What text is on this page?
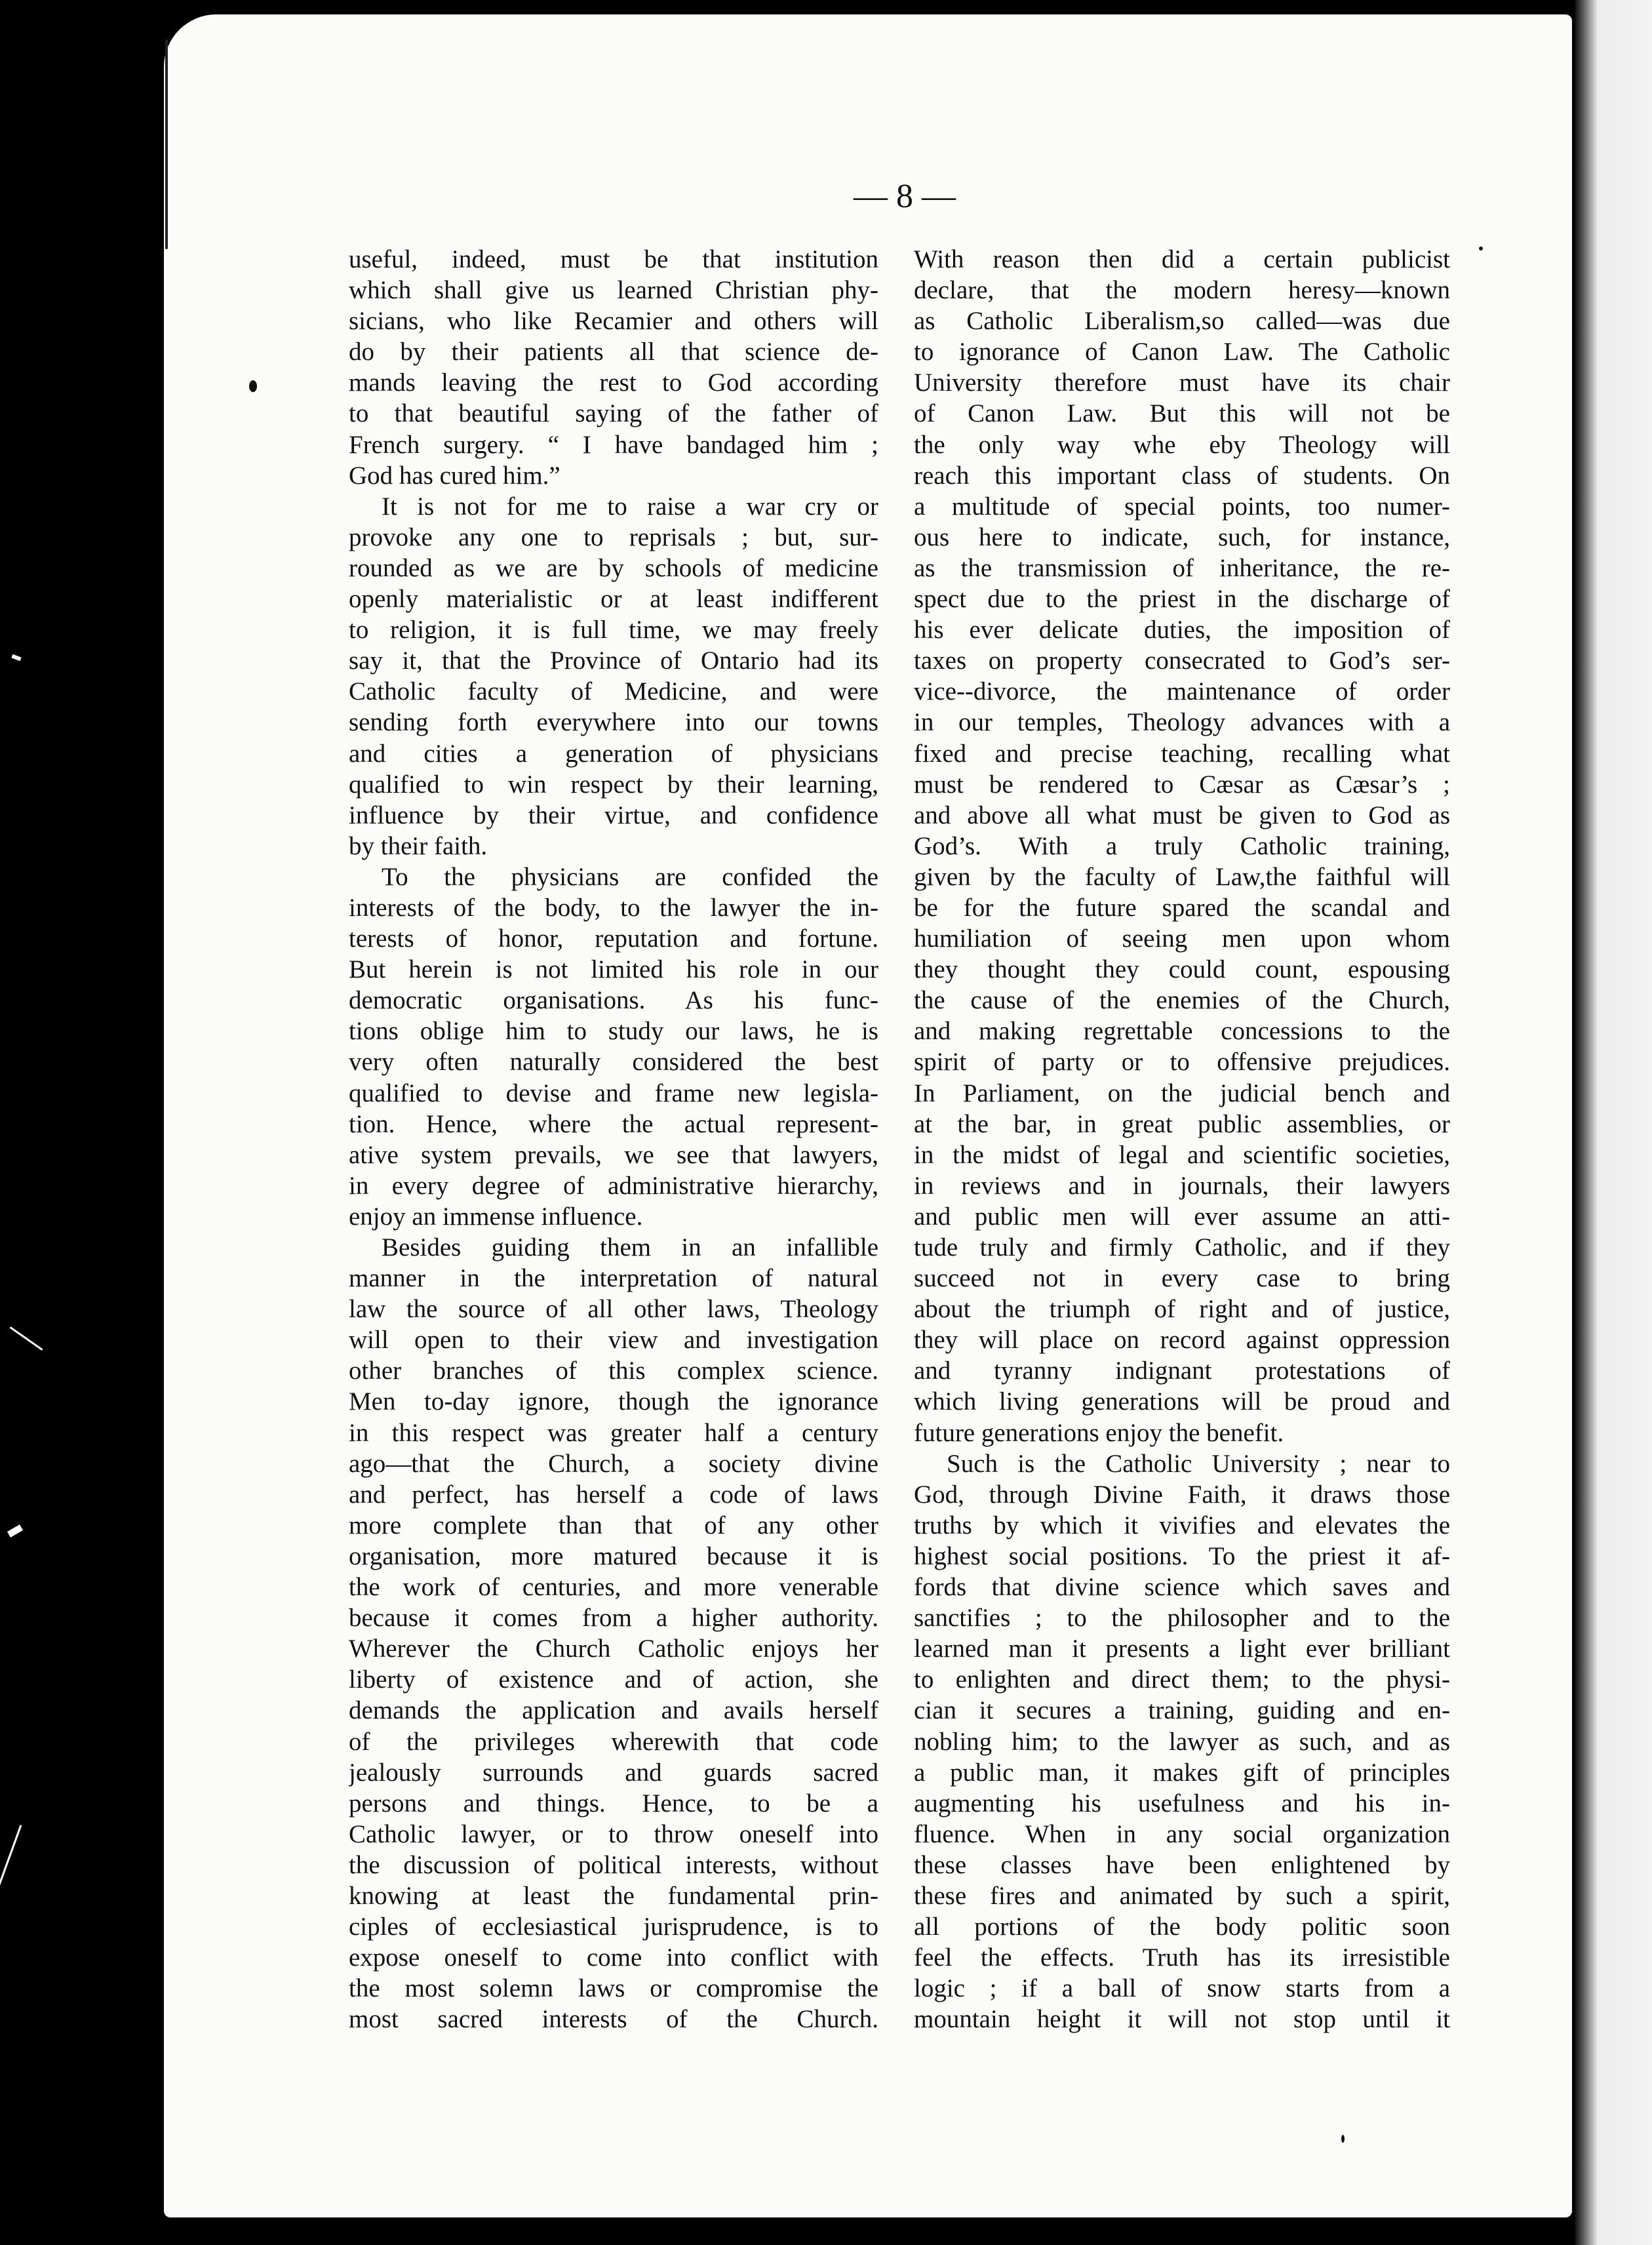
— 8 —
useful, indeed, must be that institution
which shall give us learned Christian phy-
sicians, who like Recamier and others will
do by their patients all that science de-
mands leaving the rest to God according
to that beautiful saying of the father of
French surgery. “ I have bandaged him ;
God has cured him.”
It is not for me to raise a war cry or
provoke any one to reprisals ; but, sur-
rounded as we are by schools of medicine
openly materialistic or at least indifferent
to religion, it is full time, we may freely
say it, that the Province of Ontario had its
Catholic faculty of Medicine, and were
sending forth everywhere into our towns
and cities a generation of physicians
qualified to win respect by their learning,
influence by their virtue, and confidence
by their faith.
To the physicians are confided the
interests of the body, to the lawyer the in-
terests of honor, reputation and fortune.
But herein is not limited his role in our
democratic organisations. As his func-
tions oblige him to study our laws, he is
very often naturally considered the best
qualified to devise and frame new legisla-
tion. Hence, where the actual represent-
ative system prevails, we see that lawyers,
in every degree of administrative hierarchy,
enjoy an immense influence.
Besides guiding them in an infallible
manner in the interpretation of natural
law the source of all other laws, Theology
will open to their view and investigation
other branches of this complex science.
Men to-day ignore, though the ignorance
in this respect was greater half a century
ago—that the Church, a society divine
and perfect, has herself a code of laws
more complete than that of any other
organisation, more matured because it is
the work of centuries, and more venerable
because it comes from a higher authority.
Wherever the Church Catholic enjoys her
liberty of existence and of action, she
demands the application and avails herself
of the privileges wherewith that code
jealously surrounds and guards sacred
persons and things. Hence, to be a
Catholic lawyer, or to throw oneself into
the discussion of political interests, without
knowing at least the fundamental prin-
ciples of ecclesiastical jurisprudence, is to
expose oneself to come into conflict with
the most solemn laws or compromise the
most sacred interests of the Church.
With reason then did a certain publicist
declare, that the modern heresy—known
as Catholic Liberalism,so called—was due
to ignorance of Canon Law. The Catholic
University therefore must have its chair
of Canon Law. But this will not be
the only way whe eby Theology will
reach this important class of students. On
a multitude of special points, too numer-
ous here to indicate, such, for instance,
as the transmission of inheritance, the re-
spect due to the priest in the discharge of
his ever delicate duties, the imposition of
taxes on property consecrated to God’s ser-
vice--divorce, the maintenance of order
in our temples, Theology advances with a
fixed and precise teaching, recalling what
must be rendered to Cæsar as Cæsar’s ;
and above all what must be given to God as
God’s. With a truly Catholic training,
given by the faculty of Law,the faithful will
be for the future spared the scandal and
humiliation of seeing men upon whom
they thought they could count, espousing
the cause of the enemies of the Church,
and making regrettable concessions to the
spirit of party or to offensive prejudices.
In Parliament, on the judicial bench and
at the bar, in great public assemblies, or
in the midst of legal and scientific societies,
in reviews and in journals, their lawyers
and public men will ever assume an atti-
tude truly and firmly Catholic, and if they
succeed not in every case to bring
about the triumph of right and of justice,
they will place on record against oppression
and tyranny indignant protestations of
which living generations will be proud and
future generations enjoy the benefit.
Such is the Catholic University ; near to
God, through Divine Faith, it draws those
truths by which it vivifies and elevates the
highest social positions. To the priest it af-
fords that divine science which saves and
sanctifies ; to the philosopher and to the
learned man it presents a light ever brilliant
to enlighten and direct them; to the physi-
cian it secures a training, guiding and en-
nobling him; to the lawyer as such, and as
a public man, it makes gift of principles
augmenting his usefulness and his in-
fluence. When in any social organization
these classes have been enlightened by
these fires and animated by such a spirit,
all portions of the body politic soon
feel the effects. Truth has its irresistible
logic ; if a ball of snow starts from a
mountain height it will not stop until it
